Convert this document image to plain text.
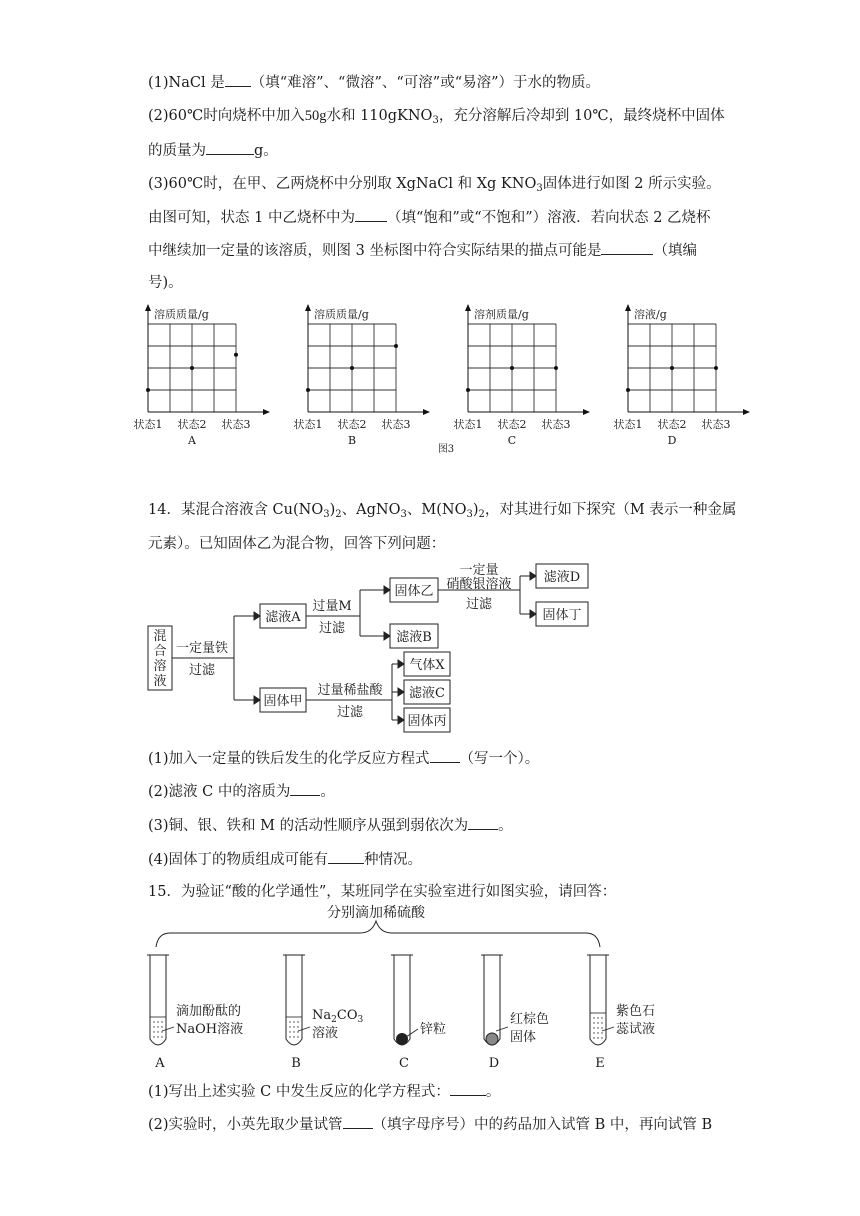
(1)NaCl 是 （填“难溶”、“微溶”、“可溶”或“易溶”）于水的物质。
(2)60℃时向烧杯中加入50g水和 110gKNO$_3$，充分溶解后冷却到 10℃，最终烧杯中固体
的质量为	g。
(3)60℃时，在甲、乙两烧杯中分别取 XgNaCl 和 Xg $KNO_3$固体进行如图 2 所示实验。
由图可知，状态 1 中乙烧杯中为 （填“饱和”或“不饱和”）溶液．若向状态 2 乙烧杯
中继续加一定量的该溶质，则图 3 坐标图中符合实际结果的描点可能是	（填编
号)。
溶质质量/g
状态1 状态2 状态3
A
溶质质量/g
状态1 状态2 状态3
B
溶剂质量/g
状态1 状态2 状态3
C
溶液/g
状态1 状态2 状态3
D
图3
14．某混合溶液含 $Cu(NO_3)_2$、AgNO$_3$、$M(NO_3)_2$，对其进行如下探究（M 表示一种金属
元素）。已知固体乙为混合物，回答下列问题：
混合溶液
一定量铁
过滤
滤液A
固体甲
过量M
过滤
固体乙
滤液B
一定量
硝酸银溶液
过滤
滤液D
固体丁
过量稀盐酸
过滤
气体X
滤液C
固体丙
(1)加入一定量的铁后发生的化学反应方程式 （写一个）。
(2)滤液 C 中的溶质为 。
(3)铜、银、铁和 M 的活动性顺序从强到弱依次为 。
(4)固体丁的物质组成可能有 种情况。
15．为验证“酸的化学通性”，某班同学在实验室进行如图实验，请回答：
分别滴加稀硫酸
A
滴加酚酞的
NaOH溶液
B
$Na_2CO_3$
溶液
C
锌粒
D
红棕色
固体
E
紫色石
蕊试液
(1)写出上述实验 C 中发生反应的化学方程式： 。
(2)实验时，小英先取少量试管 （填字母序号）中的药品加入试管 B 中，再向试管 B
